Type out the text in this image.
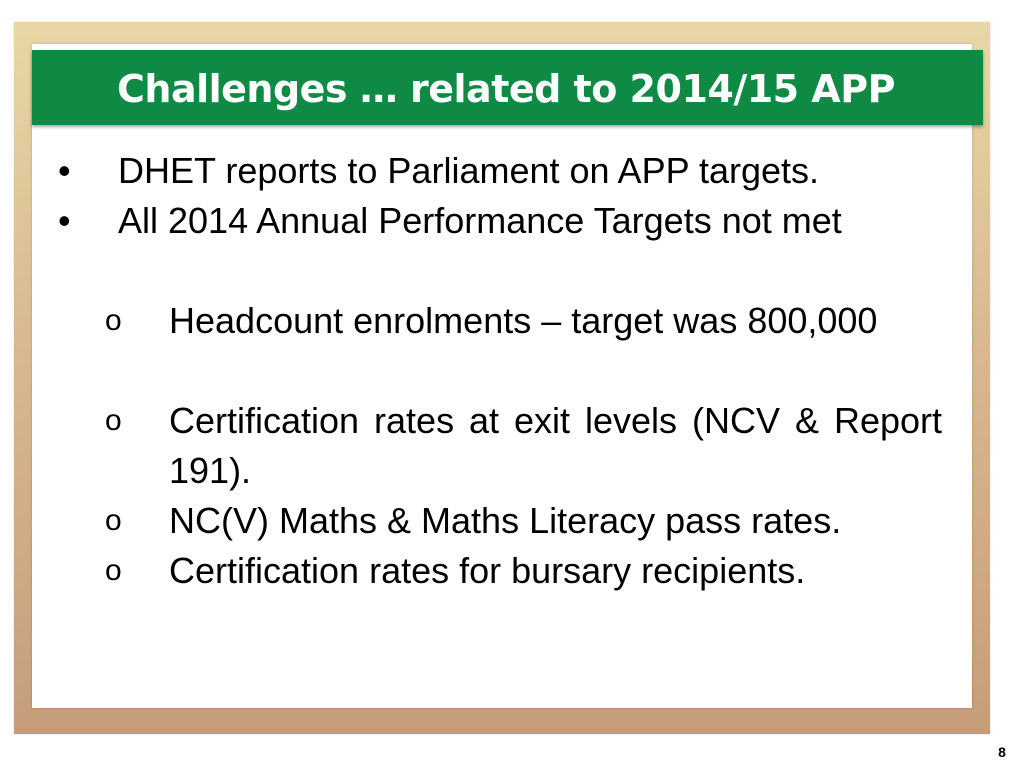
Challenges … related to 2014/15 APP
• DHET reports to Parliament on APP targets.
• All 2014 Annual Performance Targets not met
o	Headcount enrolments – target was 800,000
o	Certification rates at exit levels (NCV & Report 191).
o	NC(V) Maths & Maths Literacy pass rates.
o	Certification rates for bursary recipients.
8
